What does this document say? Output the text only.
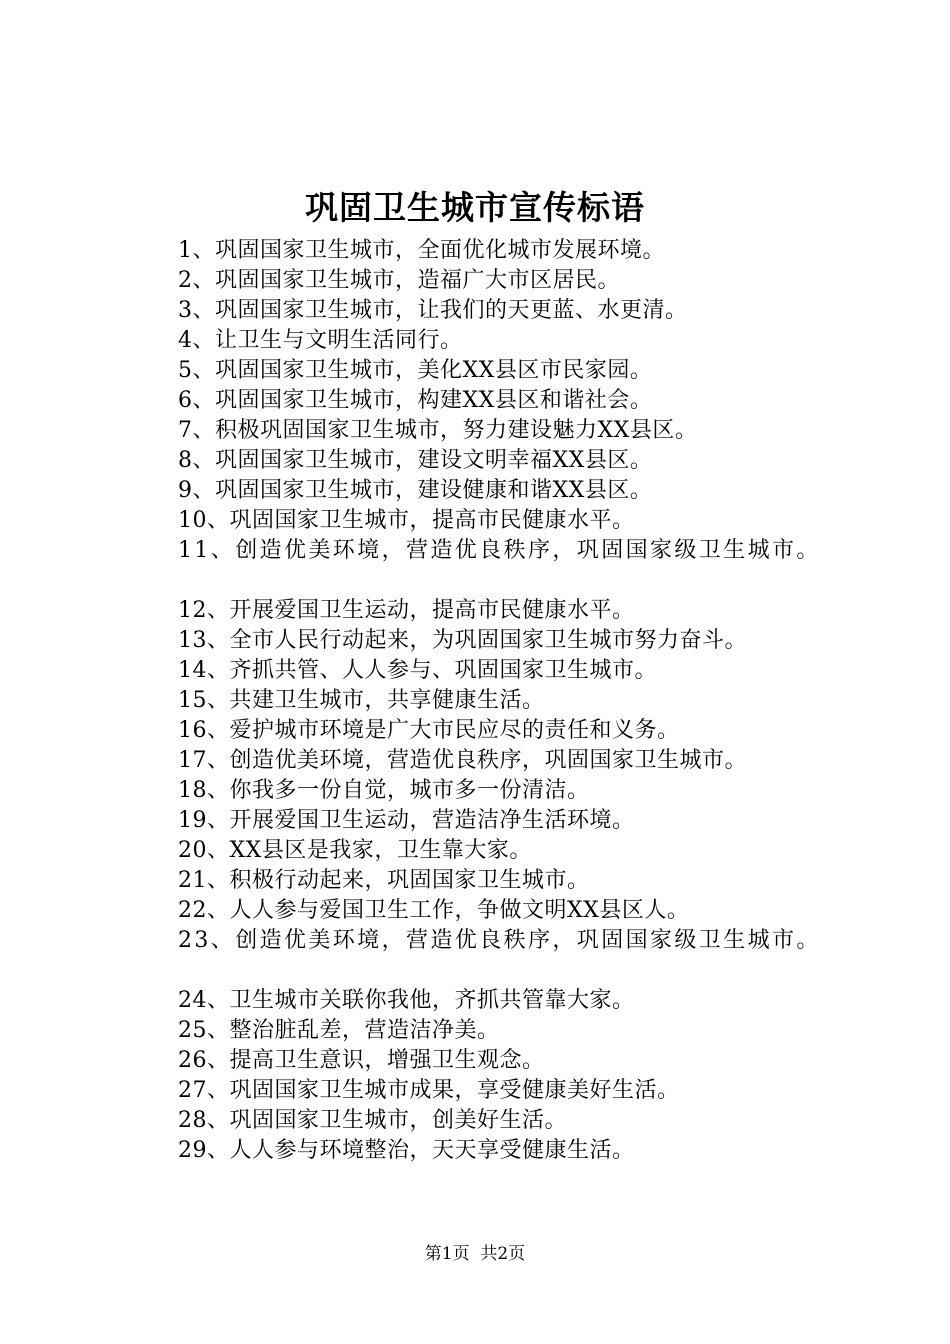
巩固卫生城市宣传标语
1、巩固国家卫生城市，全面优化城市发展环境。
2、巩固国家卫生城市，造福广大市区居民。
3、巩固国家卫生城市，让我们的天更蓝、水更清。
4、让卫生与文明生活同行。
5、巩固国家卫生城市，美化XX县区市民家园。
6、巩固国家卫生城市，构建XX县区和谐社会。
7、积极巩固国家卫生城市，努力建设魅力XX县区。
8、巩固国家卫生城市，建设文明幸福XX县区。
9、巩固国家卫生城市，建设健康和谐XX县区。
10、巩固国家卫生城市，提高市民健康水平。
11、创造优美环境，营造优良秩序，巩固国家级卫生城市。
12、开展爱国卫生运动，提高市民健康水平。
13、全市人民行动起来，为巩固国家卫生城市努力奋斗。
14、齐抓共管、人人参与、巩固国家卫生城市。
15、共建卫生城市，共享健康生活。
16、爱护城市环境是广大市民应尽的责任和义务。
17、创造优美环境，营造优良秩序，巩固国家卫生城市。
18、你我多一份自觉，城市多一份清洁。
19、开展爱国卫生运动，营造洁净生活环境。
20、XX县区是我家，卫生靠大家。
21、积极行动起来，巩固国家卫生城市。
22、人人参与爱国卫生工作，争做文明XX县区人。
23、创造优美环境，营造优良秩序，巩固国家级卫生城市。
24、卫生城市关联你我他，齐抓共管靠大家。
25、整治脏乱差，营造洁净美。
26、提高卫生意识，增强卫生观念。
27、巩固国家卫生城市成果，享受健康美好生活。
28、巩固国家卫生城市，创美好生活。
29、人人参与环境整治，天天享受健康生活。
第1页  共2页
